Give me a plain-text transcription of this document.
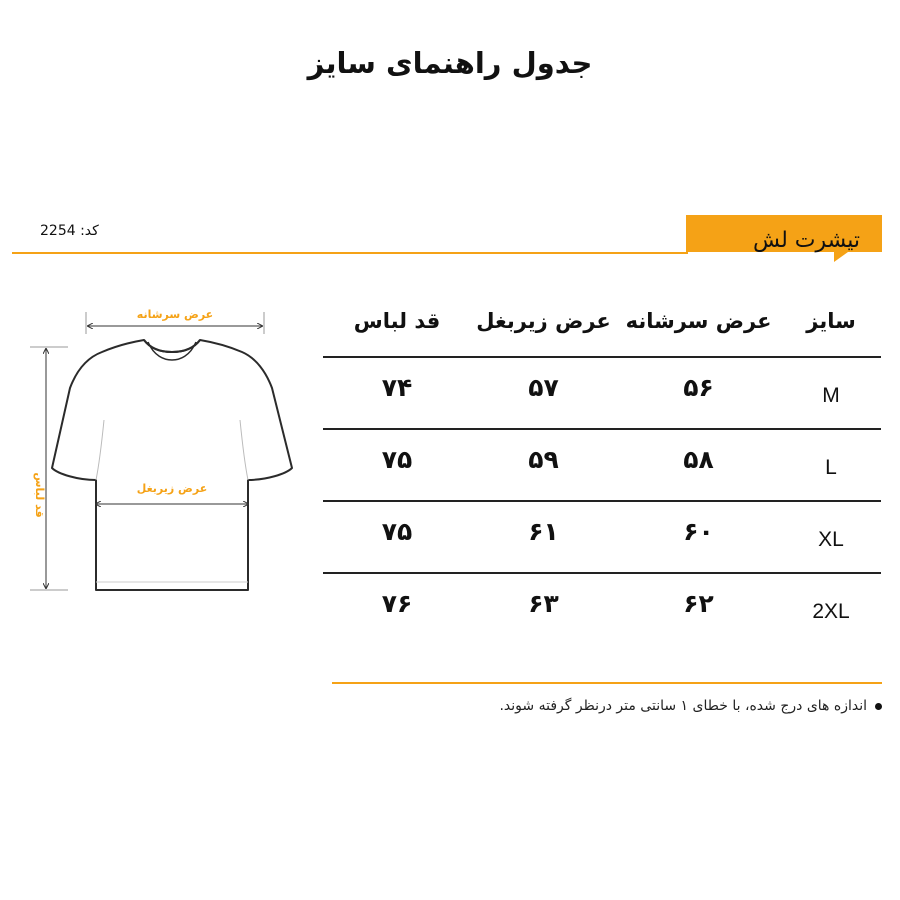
جدول راهنمای سایز
کد: 2254	تیشرت لش
عرض سرشانه
قد لباس	عرض زیربغل
سایز
عرض سرشانه
عرض زیربغل
قد لباس
M
۵۶
۵۷
۷۴
L
۵۸
۵۹
۷۵
XL
۶۰
۶۱
۷۵
2XL
۶۲
۶۳
۷۶
اندازه های درج شده، با خطای ۱ سانتی متر درنظر گرفته شوند.
